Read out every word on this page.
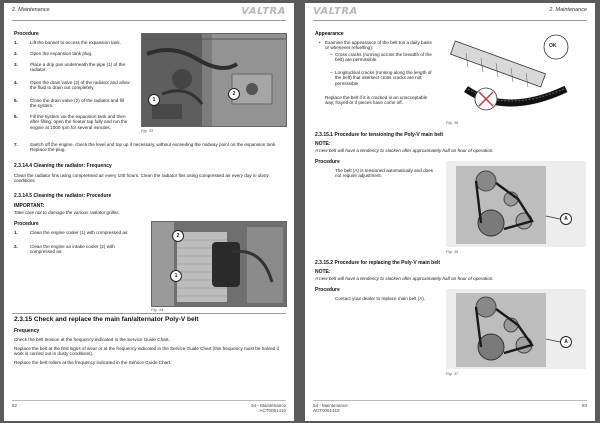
2. Maintenance	VALTRA
Procedure
1.	Lift the bonnet to access the expansion tank.
2.	Open the expansion tank plug.
3.	Place a drip pan underneath the pipe (1) of the radiator.
4.	Open the drain valve (2) of the radiator and allow the fluid to drain out completely.
5.	Close the drain valve (2) of the radiator and fill the system.
6.	Fill the system via the expansion tank and then after filling, open the heater tap fully and run the engine at 1000 rpm for several minutes.
1
2
Fig. 33
7.	Switch off the engine, check the level and top up if necessary, without exceeding the midway point on the expansion tank Replace the plug.
2.3.14.4 Cleaning the radiator: Frequency
Clean the radiator fins using compressed air every 100 hours. Clean the radiator fins using compressed air every day in dusty conditions.
2.3.14.5 Cleaning the radiator: Procedure
IMPORTANT:
Take care not to damage the various radiator grilles.
Procedure
1.	Clean the engine cooler (1) with compressed air.
2.	Clean the engine air intake cooler (2) with compressed air.
2
1
Fig. 34
2.3.15 Check and replace the main fan/alternator Poly-V belt
Frequency
Check the belt tension at the frequency indicated in the Service Guide Chart.
Replace the belt at the first signs of wear or at the frequency indicated in the Service Guide Chart (this frequency must be halved if work is carried out in dusty conditions).
Replace the belt rollers at the frequency indicated in the Service Guide Chart.
82	54 - Maintenance
ACT0051410
VALTRA	2. Maintenance
Appearance
• Examine the appearance of the belt ton a daily basis or whenever refuelling):
– Cross cracks (running across the breadth of the belt) are permissible.
– Longitudinal cracks (running along the length of the belt) that intersect cross cracks are not permissible.
Replace the belt if it is cracked in an unacceptable way, frayed or if pieces have come off.
OK
Fig. 35
2.3.15.1 Procedure for tensioning the Poly-V main belt
NOTE:
A new belt will have a tendency to slacken after approximately half an hour of operation.
Procedure
The belt (A) is tensioned automatically and does not require adjustment.
A
Fig. 36
2.3.15.2 Procedure for replacing the Poly-V main belt
NOTE:
A new belt will have a tendency to slacken after approximately half an hour of operation.
Procedure
Contact your dealer to replace main belt (A).
A
Fig. 37
54 - Maintenance
ACT0051410
83
